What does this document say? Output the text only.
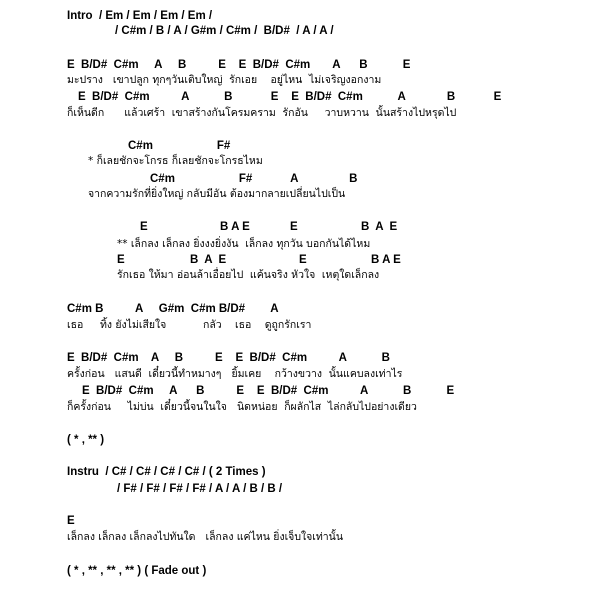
Intro  / Em / Em / Em / Em /
/ C#m / B / A / G#m / C#m /  B/D#  / A / A /
E  B/D#  C#m     A     B          E    E  B/D#  C#m       A      B           E
มะปราง   เขาปลูก ทุกๆวันเติบใหญ่  รักเอย    อยู่ไหน  ไม่เจริญงอกงาม
E  B/D#  C#m          A           B            E    E  B/D#  C#m           A             B            E
ก็เห็นดีก      แล้วเศร้า  เขาสร้างกันโครมคราม  รักอัน     วาบหวาน  นั้นสร้างไปหรุดไป
C#m                    F#
* ก็เลยชักจะโกรธ ก็เลยชักจะโกรธไหม
C#m                    F#            A                B
จากความรักที่ยิ่งใหญ่ กลับมีอัน ต้องมากลายเปลี่ยนไปเป็น
E	B A E	E	B  A  E
** เล็กลง เล็กลง ยิ่งงงยิ่งงัน  เล็กลง ทุกวัน บอกกันได้ไหม
E	B  A  E	E	B A E
รักเธอ ให้มา อ่อนล้าเอื่อยไป  แค้นจริง หัวใจ  เหตุใดเล็กลง
C#m B          A     G#m  C#m B/D#        A
เธอ     ทิ้ง ยังไม่เสียใจ           กลัว    เธอ    ดูถูกรักเรา
E  B/D#  C#m    A     B          E    E  B/D#  C#m          A           B
ครั้งก่อน   แสนดี  เดี๋ยวนี้ทำหมางๆ   ยิ้มเคย    กว้างขวาง  นั้นแคบลงเท่าไร
E  B/D#  C#m     A      B          E    E  B/D#  C#m          A           B           E
ก็ครั้งก่อน     ไม่บ่น  เดี๋ยวนี้จนในใจ   นิดหน่อย  ก็ผลักไส  ไล่กลับไปอย่างเดียว
( * , ** )
Instru  / C# / C# / C# / C# / ( 2 Times )
/ F# / F# / F# / F# / A / A / B / B /
E
เล็กลง เล็กลง เล็กลงไปทันใด   เล็กลง แค่ไหน ยิ่งเจ็บใจเท่านั้น
( * , ** , ** , ** ) ( Fade out )
